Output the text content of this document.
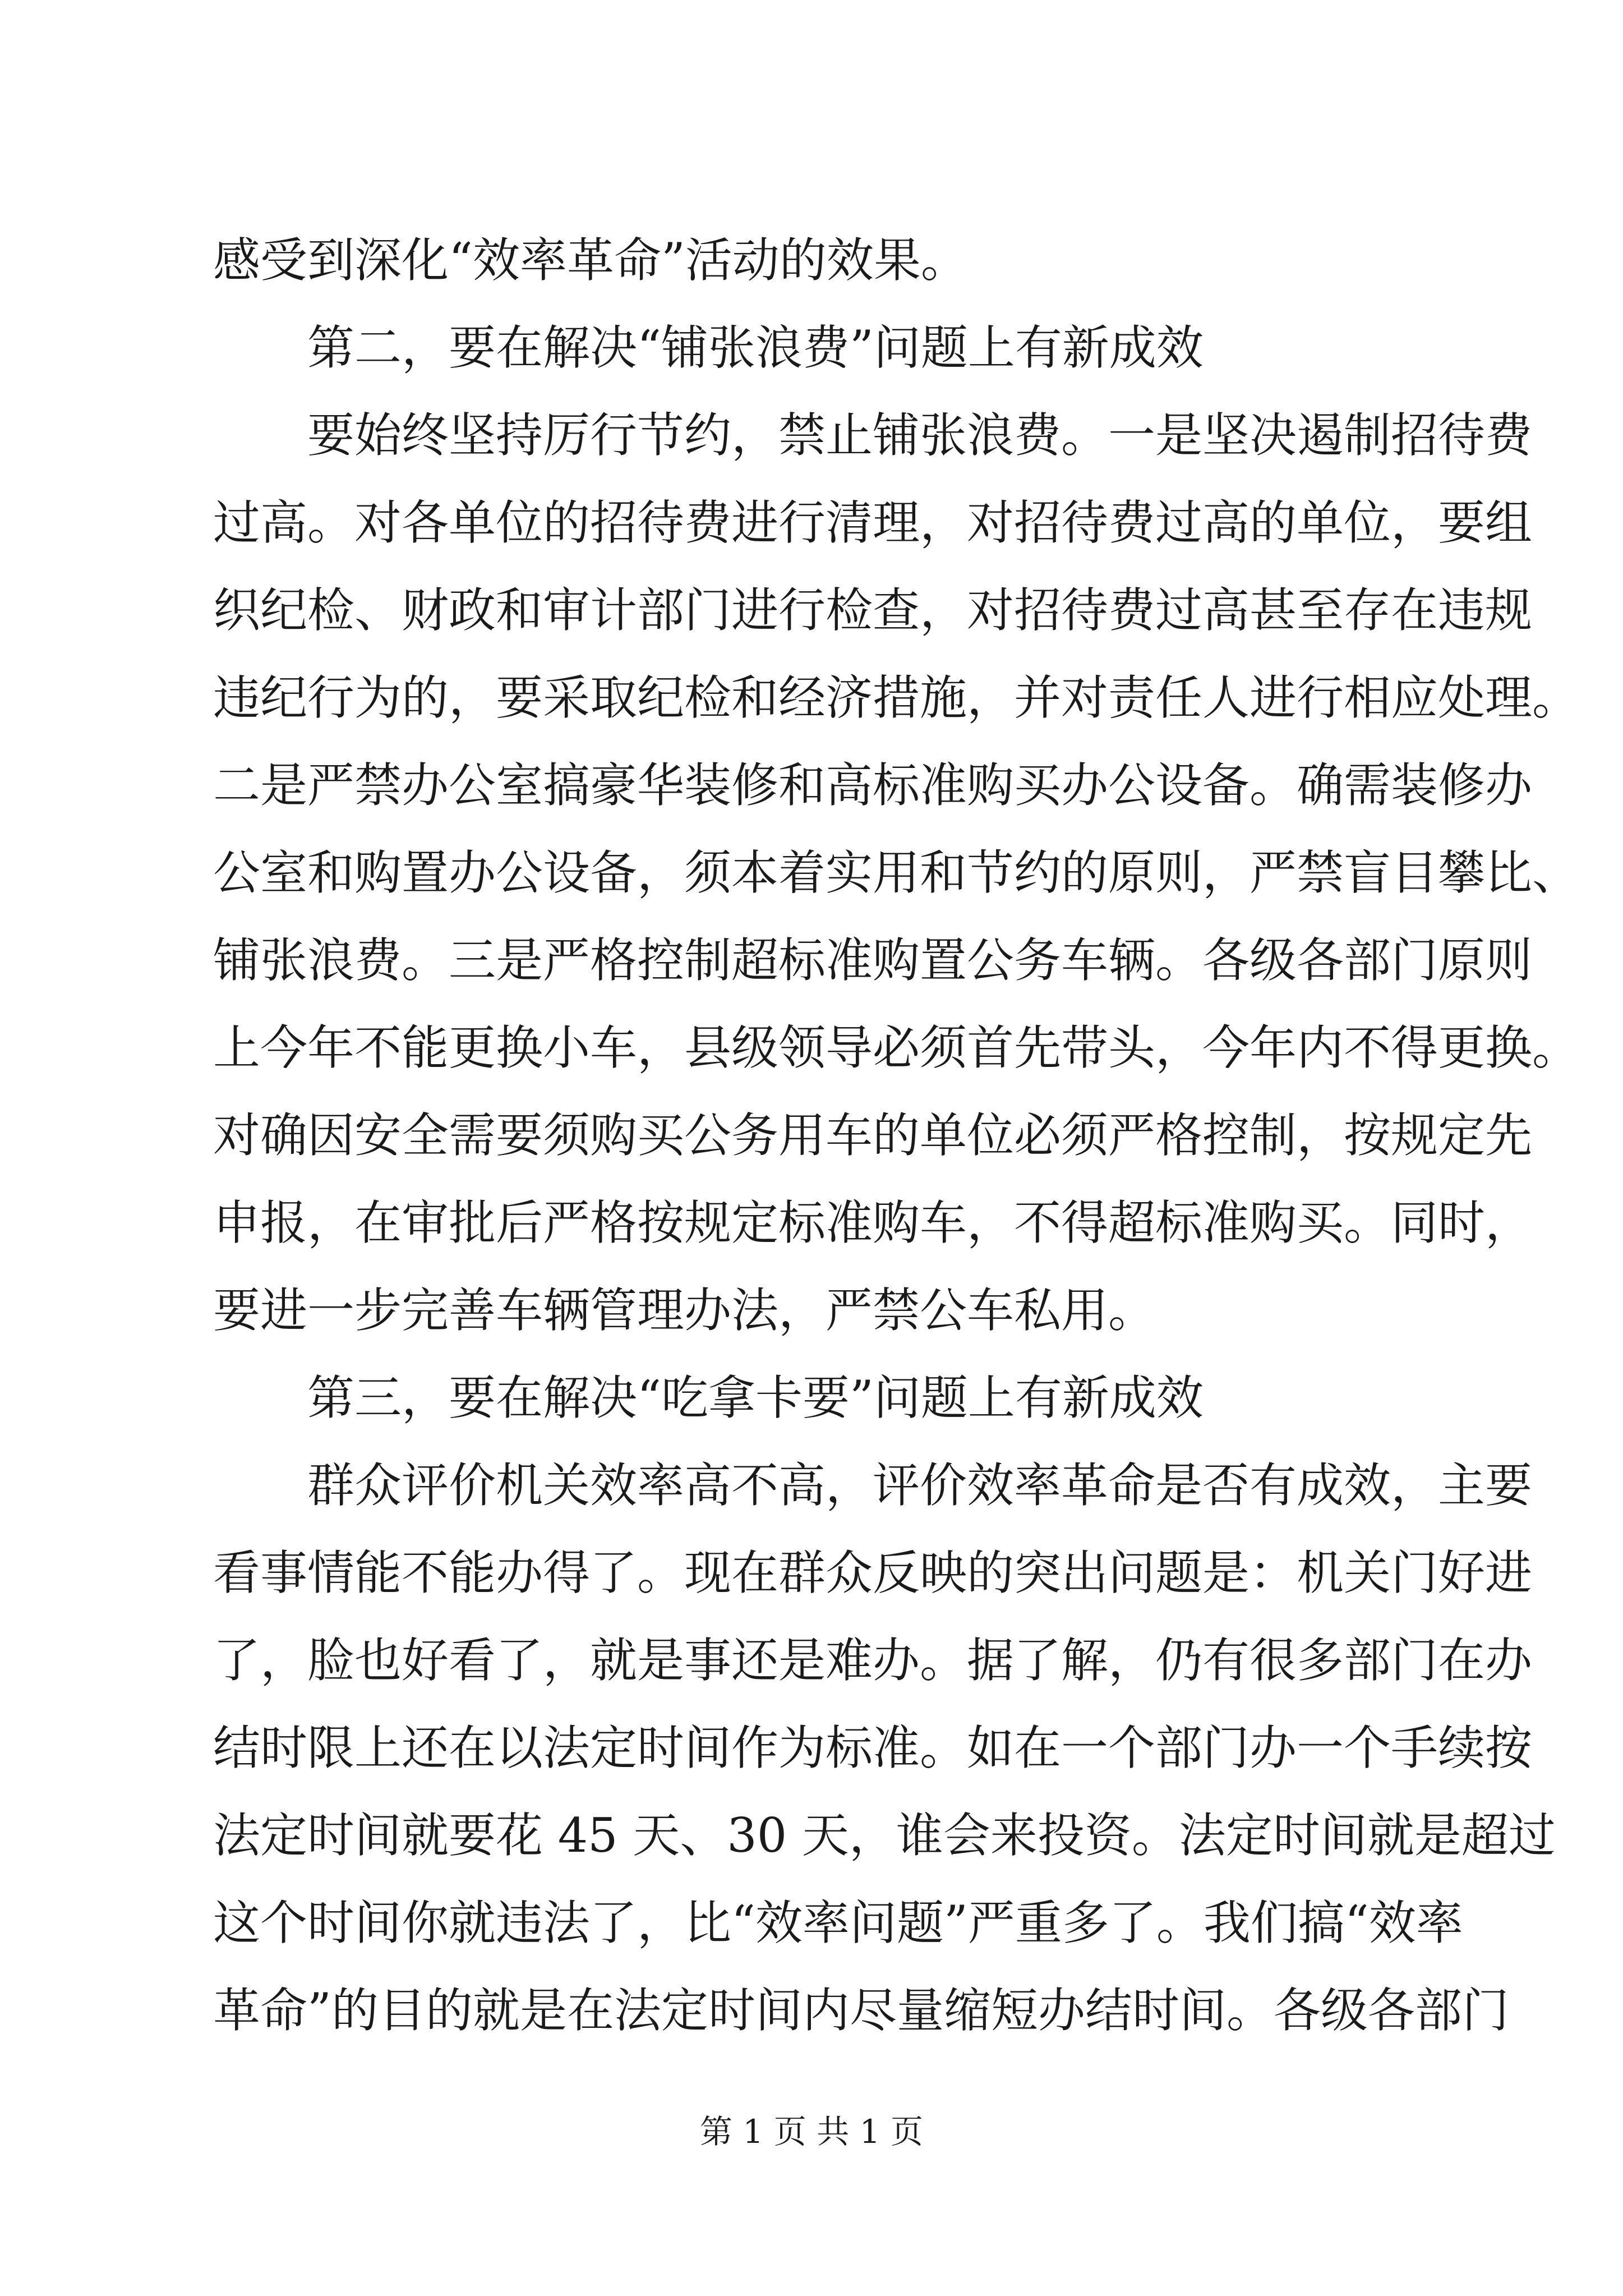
感受到深化“效率革命”活动的效果。
第二，要在解决“铺张浪费”问题上有新成效
要始终坚持厉行节约，禁止铺张浪费。一是坚决遏制招待费
过高。对各单位的招待费进行清理，对招待费过高的单位，要组
织纪检、财政和审计部门进行检查，对招待费过高甚至存在违规
违纪行为的，要采取纪检和经济措施，并对责任人进行相应处理。
二是严禁办公室搞豪华装修和高标准购买办公设备。确需装修办
公室和购置办公设备，须本着实用和节约的原则，严禁盲目攀比、
铺张浪费。三是严格控制超标准购置公务车辆。各级各部门原则
上今年不能更换小车，县级领导必须首先带头，今年内不得更换。
对确因安全需要须购买公务用车的单位必须严格控制，按规定先
申报，在审批后严格按规定标准购车，不得超标准购买。同时，
要进一步完善车辆管理办法，严禁公车私用。
第三，要在解决“吃拿卡要”问题上有新成效
群众评价机关效率高不高，评价效率革命是否有成效，主要
看事情能不能办得了。现在群众反映的突出问题是：机关门好进
了，脸也好看了，就是事还是难办。据了解，仍有很多部门在办
结时限上还在以法定时间作为标准。如在一个部门办一个手续按
法定时间就要花 45 天、30 天，谁会来投资。法定时间就是超过
这个时间你就违法了，比“效率问题”严重多了。我们搞“效率
革命”的目的就是在法定时间内尽量缩短办结时间。各级各部门
第 1 页 共 1 页
